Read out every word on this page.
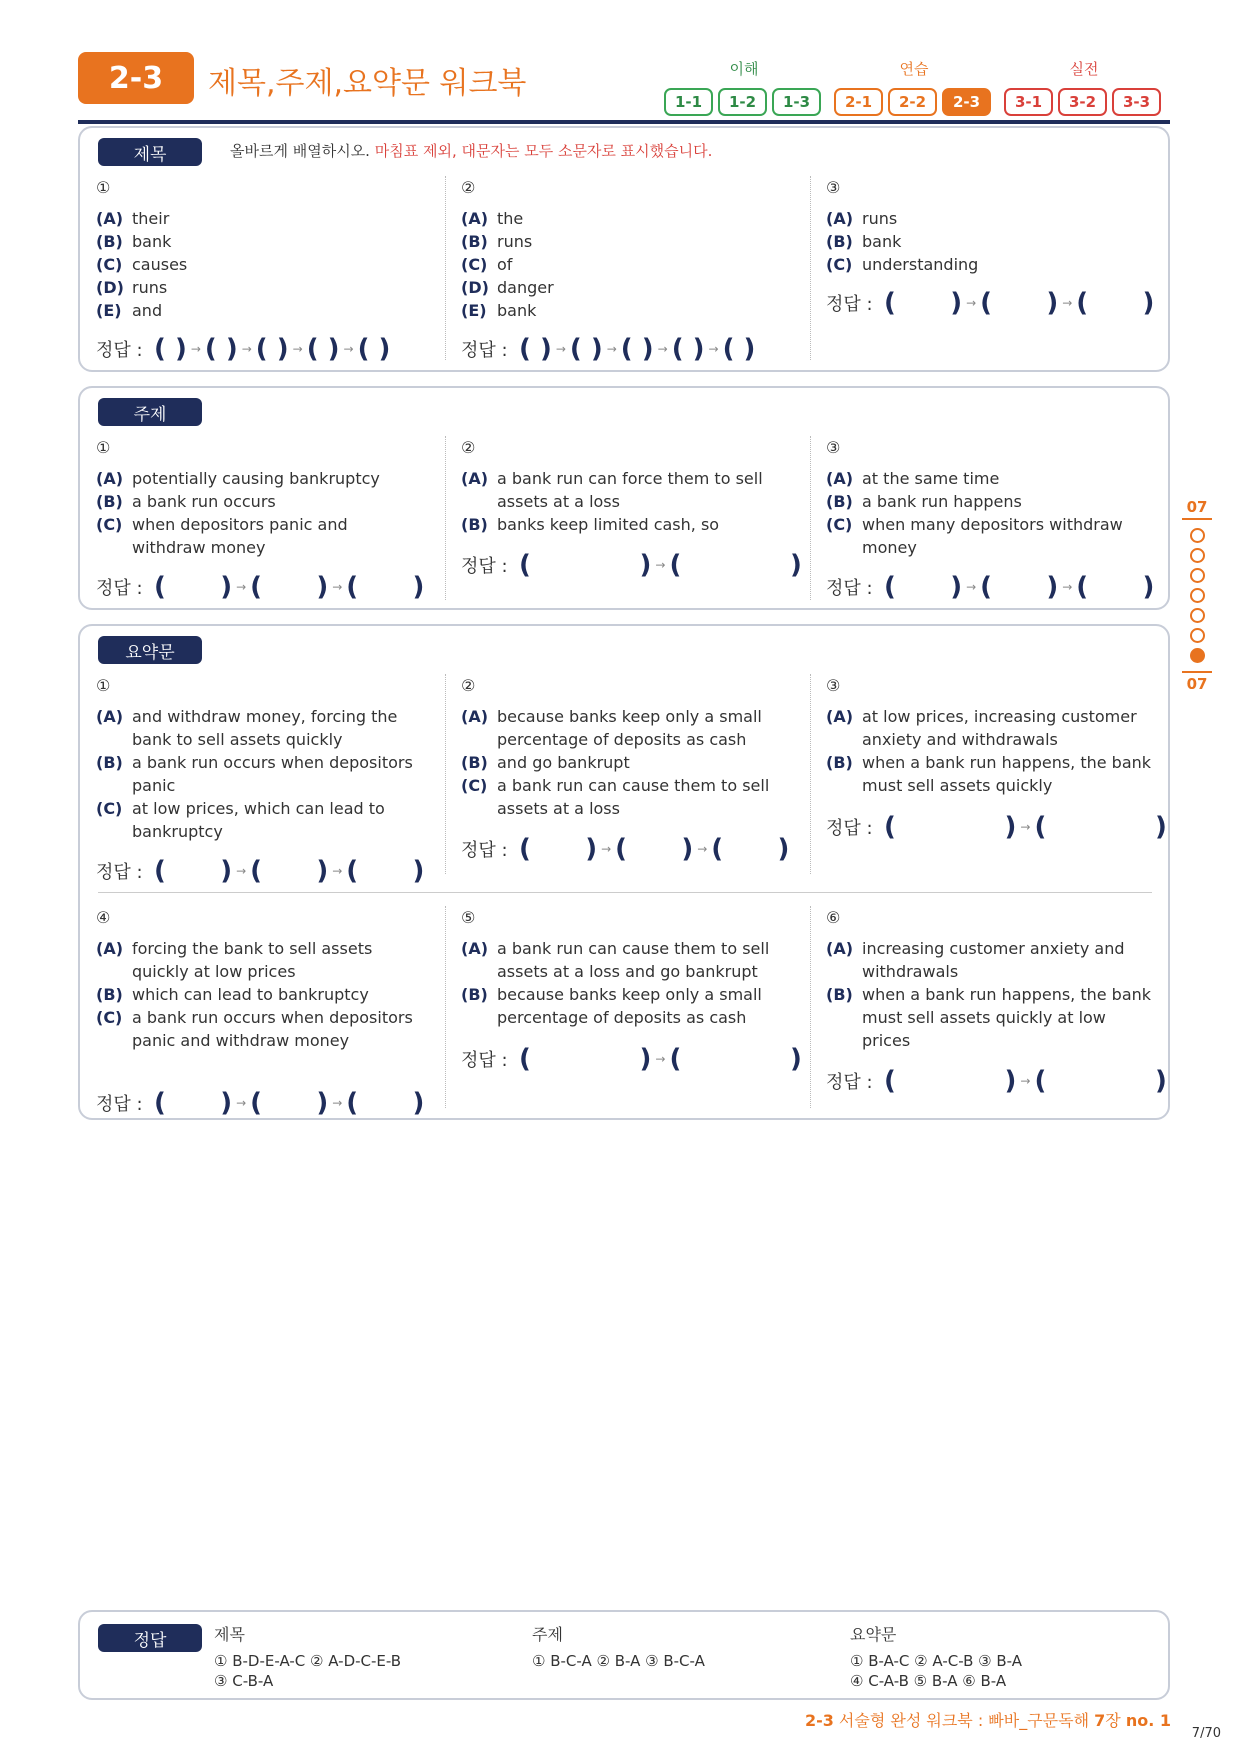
2-3	제목,주제,요약문 워크북	이해
1-1	1-2	1-3
연습
2-1	2-2	2-3
실전
3-1	3-2	3-3
제목	올바르게 배열하시오. 마침표 제외, 대문자는 모두 소문자로 표시했습니다.
①
(A) their
(B) bank
(C) causes
(D) runs
(E) and
정답 :
( ) → ( ) → ( ) → ( ) → ( )
②
(A) the
(B) runs
(C) of
(D) danger
(E) bank
정답 :
( ) → ( ) → ( ) → ( ) → ( )
③
(A) runs
(B) bank
(C) understanding
정답 :
(      ) → (      ) → (      )
주제
①
(A) potentially causing bankruptcy
(B) a bank run occurs
(C) when depositors panic and withdraw money
정답 :
(      ) → (      ) → (      )
②
(A) a bank run can force them to sell assets at a loss
(B) banks keep limited cash, so
정답 :
(            ) → (            )
③
(A) at the same time
(B) a bank run happens
(C) when many depositors withdraw money
정답 :
(      ) → (      ) → (      )
요약문
①
(A) and withdraw money, forcing the bank to sell assets quickly
(B) a bank run occurs when depositors panic
(C) at low prices, which can lead to bankruptcy
정답 :
(      ) → (      ) → (      )
②
(A) because banks keep only a small percentage of deposits as cash
(B) and go bankrupt
(C) a bank run can cause them to sell assets at a loss
정답 :
(      ) → (      ) → (      )
③
(A) at low prices, increasing customer anxiety and withdrawals
(B) when a bank run happens, the bank must sell assets quickly
정답 :
(            ) → (            )
④
(A) forcing the bank to sell assets quickly at low prices
(B) which can lead to bankruptcy
(C) a bank run occurs when depositors panic and withdraw money
정답 :
(      ) → (      ) → (      )
⑤
(A) a bank run can cause them to sell assets at a loss and go bankrupt
(B) because banks keep only a small percentage of deposits as cash
정답 :
(            ) → (            )
⑥
(A) increasing customer anxiety and withdrawals
(B) when a bank run happens, the bank must sell assets quickly at low prices
정답 :
(            ) → (            )
07
07
정답	제목
① B-D-E-A-C ② A-D-C-E-B
③ C-B-A
주제
① B-C-A ② B-A ③ B-C-A
요약문
① B-A-C ② A-C-B ③ B-A
④ C-A-B ⑤ B-A ⑥ B-A
2-3 서술형 완성 워크북 : 빠바_구문독해 7장 no. 1
7/70
